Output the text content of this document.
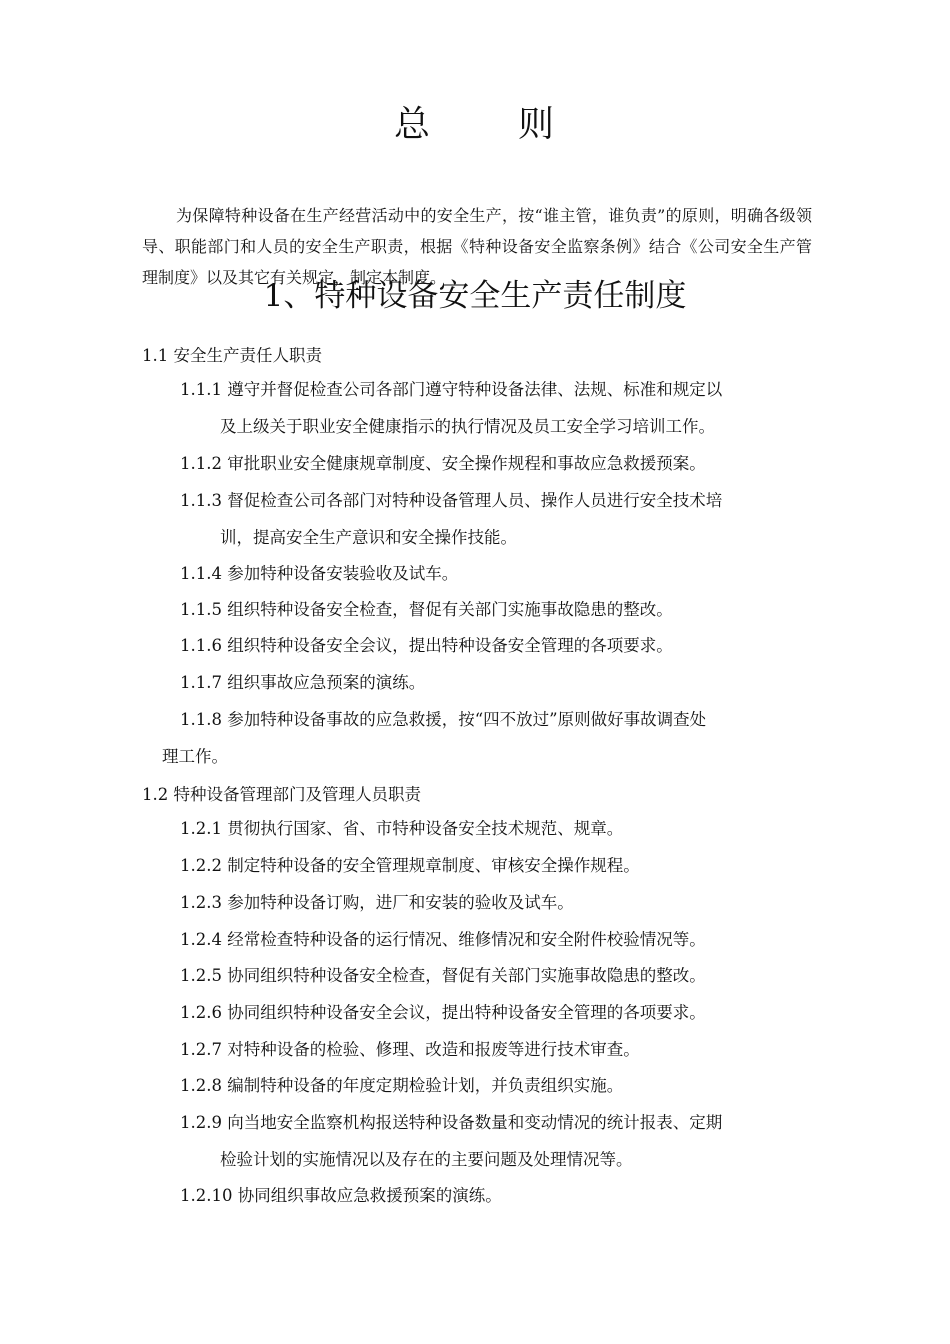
总 则

为保障特种设备在生产经营活动中的安全生产，按“谁主管，谁负责”的原则，明确各级领导、职能部门和人员的安全生产职责，根据《特种设备安全监察条例》结合《公司安全生产管理制度》以及其它有关规定，制定本制度。

1、特种设备安全生产责任制度

1.1 安全生产责任人职责

1.1.1 遵守并督促检查公司各部门遵守特种设备法律、法规、标准和规定以
及上级关于职业安全健康指示的执行情况及员工安全学习培训工作。
1.1.2 审批职业安全健康规章制度、安全操作规程和事故应急救援预案。
1.1.3 督促检查公司各部门对特种设备管理人员、操作人员进行安全技术培
训，提高安全生产意识和安全操作技能。
1.1.4 参加特种设备安装验收及试车。
1.1.5 组织特种设备安全检查，督促有关部门实施事故隐患的整改。
1.1.6 组织特种设备安全会议，提出特种设备安全管理的各项要求。
1.1.7 组织事故应急预案的演练。
1.1.8 参加特种设备事故的应急救援，按“四不放过”原则做好事故调查处
理工作。

1.2 特种设备管理部门及管理人员职责

1.2.1 贯彻执行国家、省、市特种设备安全技术规范、规章。
1.2.2 制定特种设备的安全管理规章制度、审核安全操作规程。
1.2.3 参加特种设备订购，进厂和安装的验收及试车。
1.2.4 经常检查特种设备的运行情况、维修情况和安全附件校验情况等。
1.2.5 协同组织特种设备安全检查，督促有关部门实施事故隐患的整改。
1.2.6 协同组织特种设备安全会议，提出特种设备安全管理的各项要求。
1.2.7 对特种设备的检验、修理、改造和报废等进行技术审查。
1.2.8 编制特种设备的年度定期检验计划，并负责组织实施。
1.2.9 向当地安全监察机构报送特种设备数量和变动情况的统计报表、定期
检验计划的实施情况以及存在的主要问题及处理情况等。
1.2.10 协同组织事故应急救援预案的演练。
